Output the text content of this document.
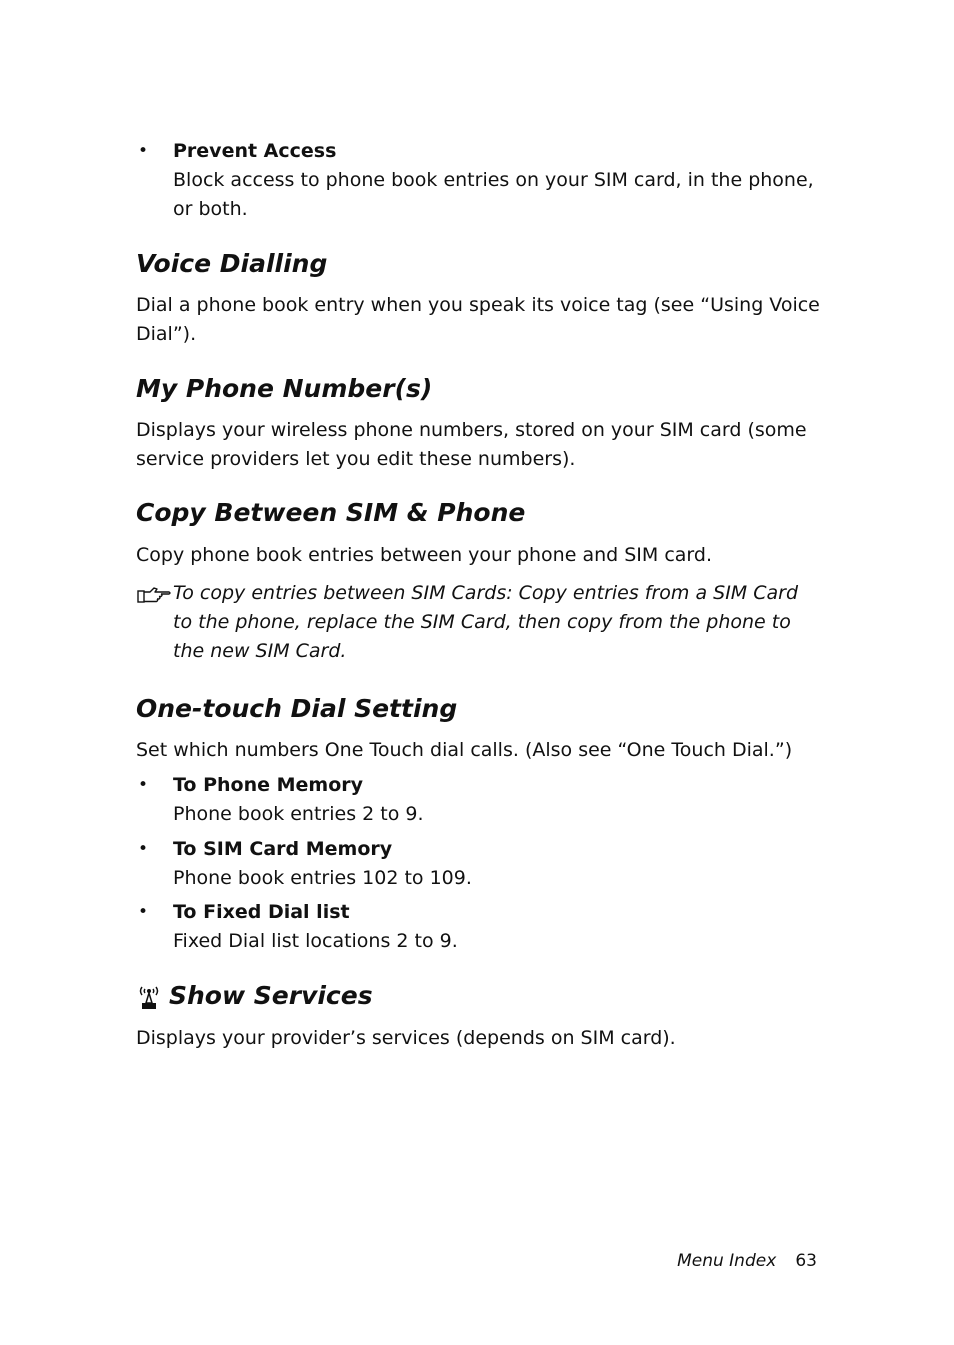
• Prevent Access
Block access to phone book entries on your SIM card, in the phone,
or both.
Voice Dialling

Dial a phone book entry when you speak its voice tag (see “Using Voice

Dial”).

My Phone Number(s)

Displays your wireless phone numbers, stored on your SIM card (some

service providers let you edit these numbers).

Copy Between SIM & Phone

Copy phone book entries between your phone and SIM card.

To copy entries between SIM Cards: Copy entries from a SIM Card
to the phone, replace the SIM Card, then copy from the phone to
the new SIM Card.
One-touch Dial Setting

Set which numbers One Touch dial calls. (Also see “One Touch Dial.”)

• To Phone Memory
Phone book entries 2 to 9.
• To SIM Card Memory
Phone book entries 102 to 109.
• To Fixed Dial list
Fixed Dial list locations 2 to 9.
Show Services

Displays your provider’s services (depends on SIM card).

Menu Index 63
